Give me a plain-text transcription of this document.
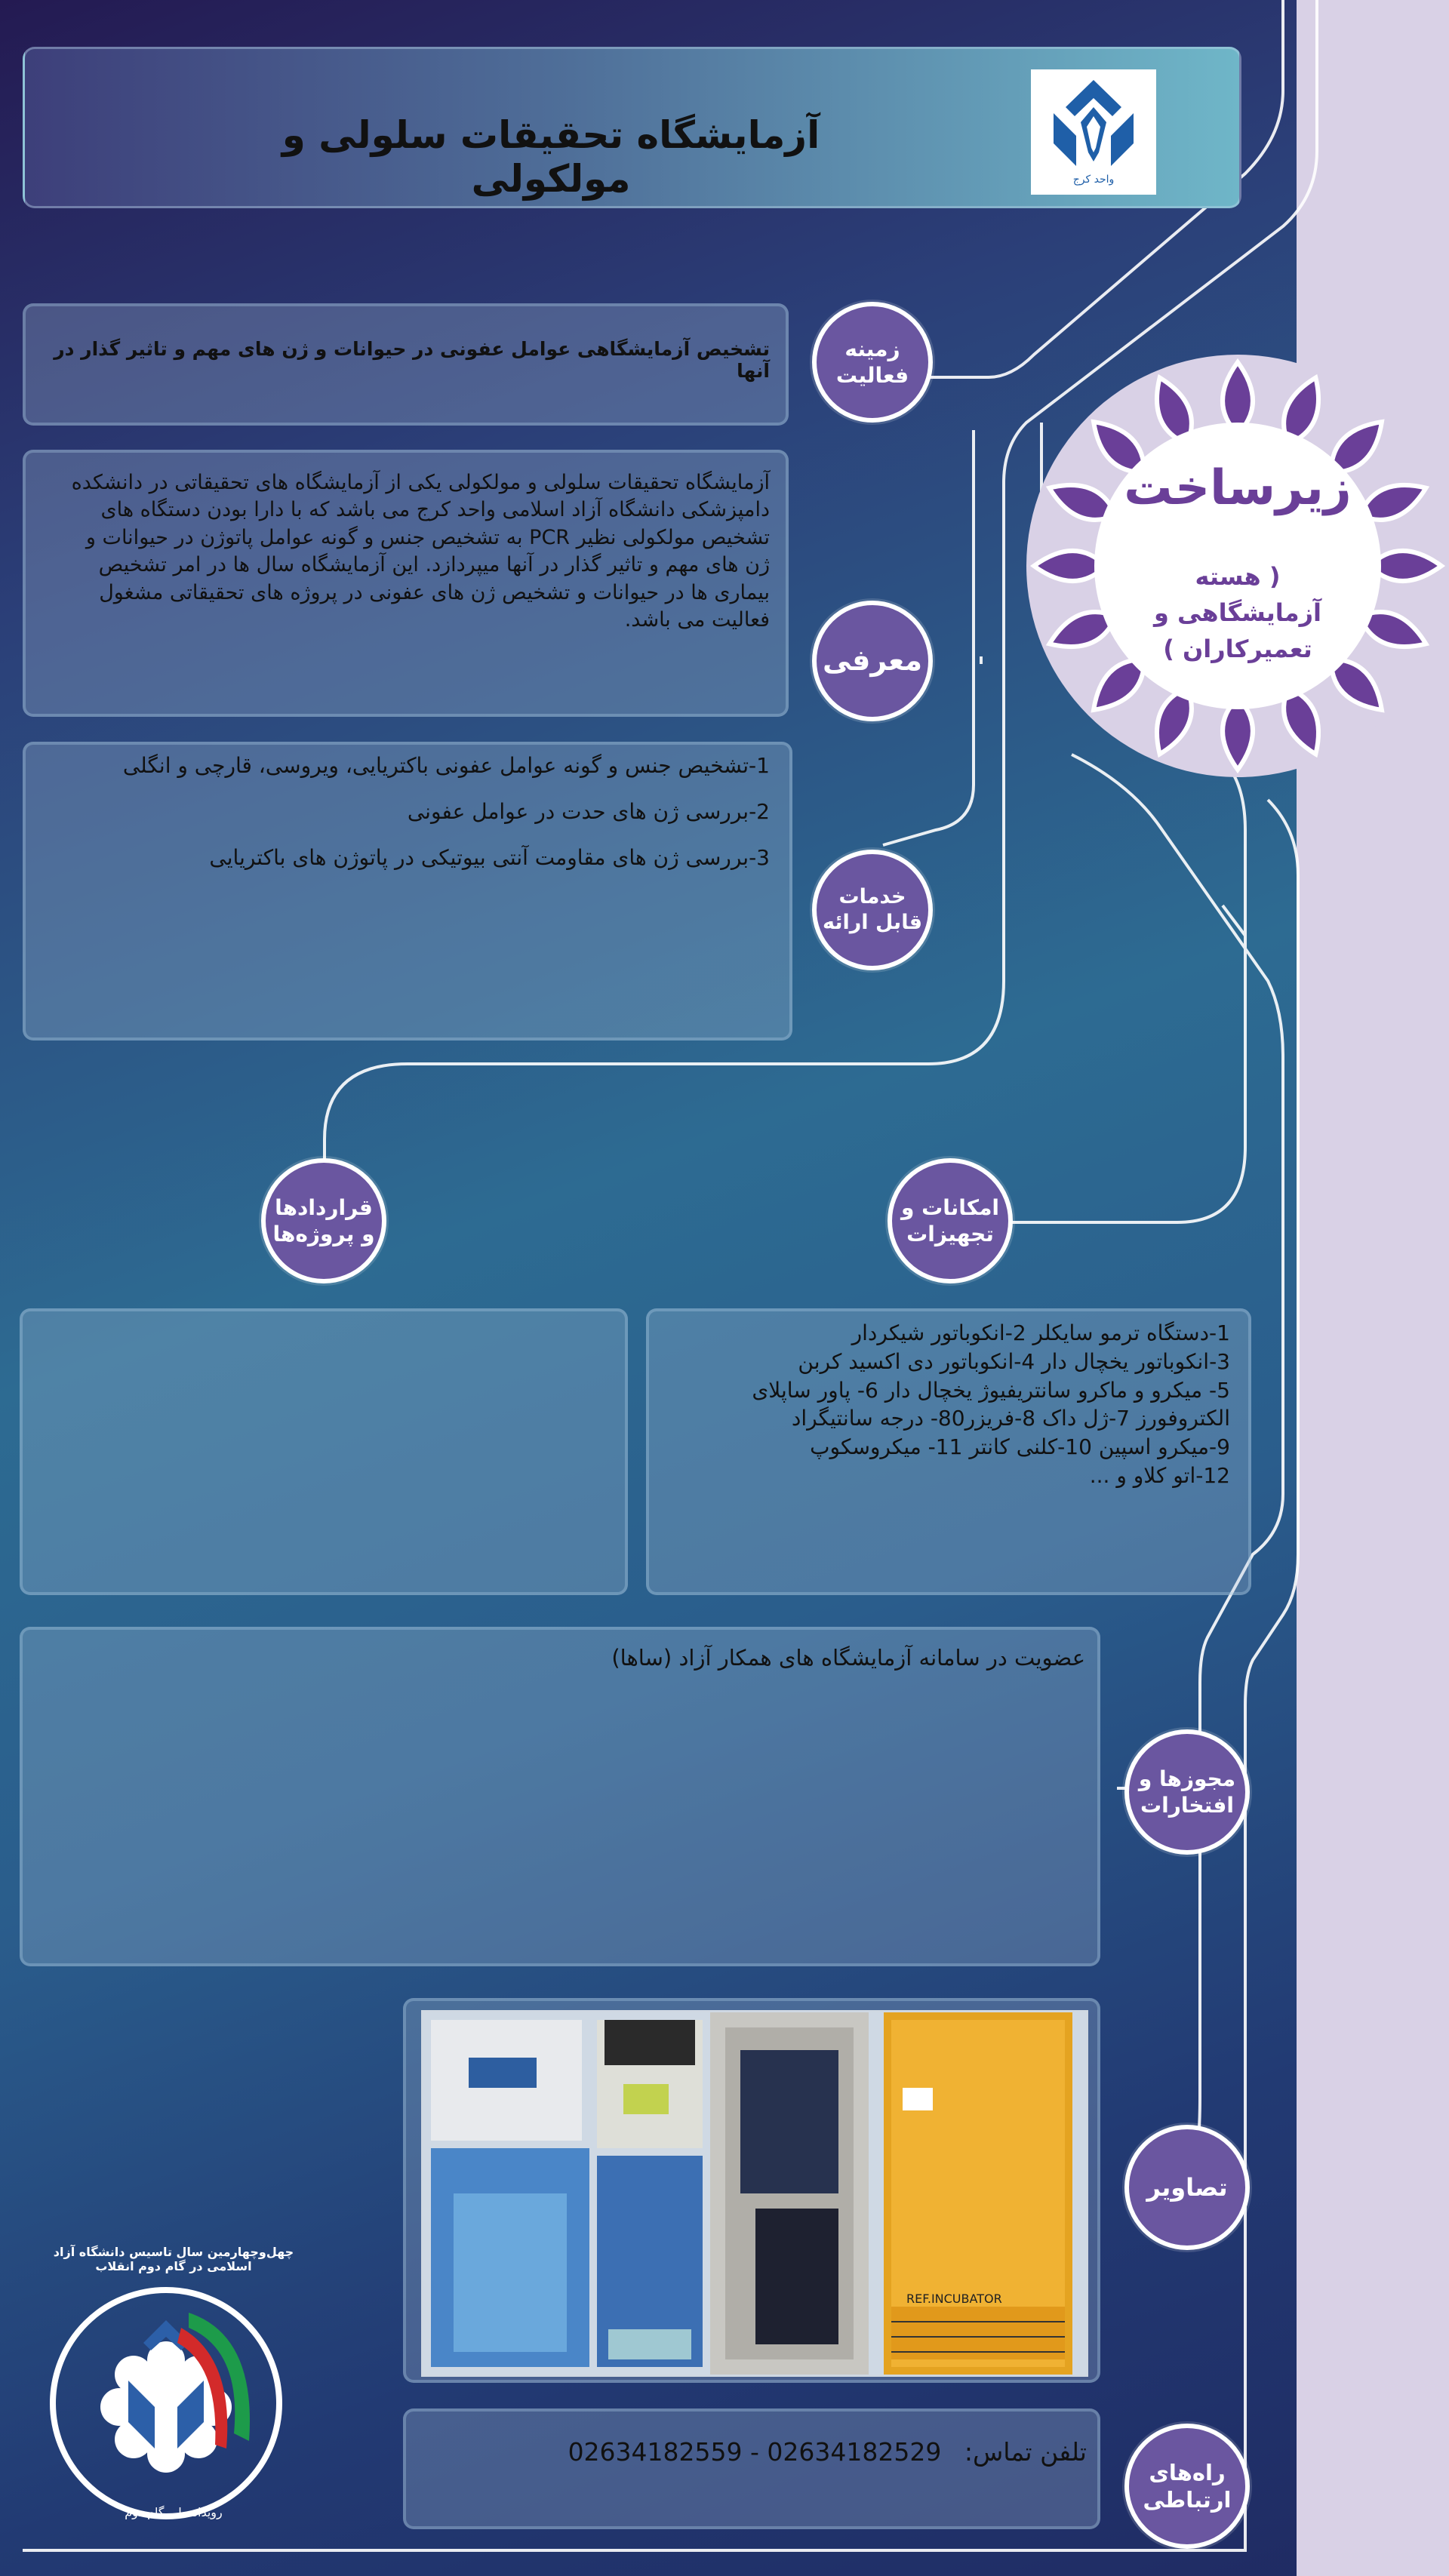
آزمایشگاه تحقیقات سلولی و مولکولی	واحد کرج
زیرساخت
( هسته آزمایشگاهی و تعمیرکاران )
تشخیص آزمایشگاهی عوامل عفونی در حیوانات و ژن های مهم و تاثیر گذار در آنها
زمینه فعالیت
آزمایشگاه تحقیقات سلولی و مولکولی یکی از آزمایشگاه های تحقیقاتی در دانشکده دامپزشکی دانشگاه آزاد اسلامی واحد کرج می باشد که با دارا بودن دستگاه های تشخیص مولکولی نظیر PCR به تشخیص جنس و گونه عوامل پاتوژن در حیوانات و ژن های مهم و تاثیر گذار در آنها میپردازد. این آزمایشگاه سال ها در امر تشخیص بیماری ها در حیوانات و تشخیص ژن های عفونی در پروژه های تحقیقاتی مشغول فعالیت می باشد.
معرفی
1-تشخیص جنس و گونه عوامل عفونی باکتریایی، ویروسی، قارچی و انگلی
2-بررسی ژن های حدت در عوامل عفونی
3-بررسی ژن های مقاومت آنتی بیوتیکی در پاتوژن های باکتریایی
خدمات قابل ارائه
قراردادها و پروژه‌ها
امکانات و تجهیزات
1-دستگاه ترمو سایکلر 2-انکوباتور شیکردار
3-انکوباتور یخچال دار 4-انکوباتور دی اکسید کربن
5- میکرو و ماکرو سانتریفیوژ یخچال دار 6- پاور ساپلای
الکتروفورز 7-ژل داک 8-فریزر80- درجه سانتیگراد
9-میکرو اسپین 10-کلنی کانتر 11- میکروسکوپ
12-اتو کلاو و ...
عضویت در سامانه آزمایشگاه های همکار آزاد (ساها)
مجوزها و افتخارات
REF.INCUBATOR
تصاویر
تلفن تماس: 02634182529 - 02634182559
راه‌های ارتباطی
رویداد ملی گام دوم
چهل‌وچهارمین سال تاسیس دانشگاه آزاد اسلامی در گام دوم انقلاب
